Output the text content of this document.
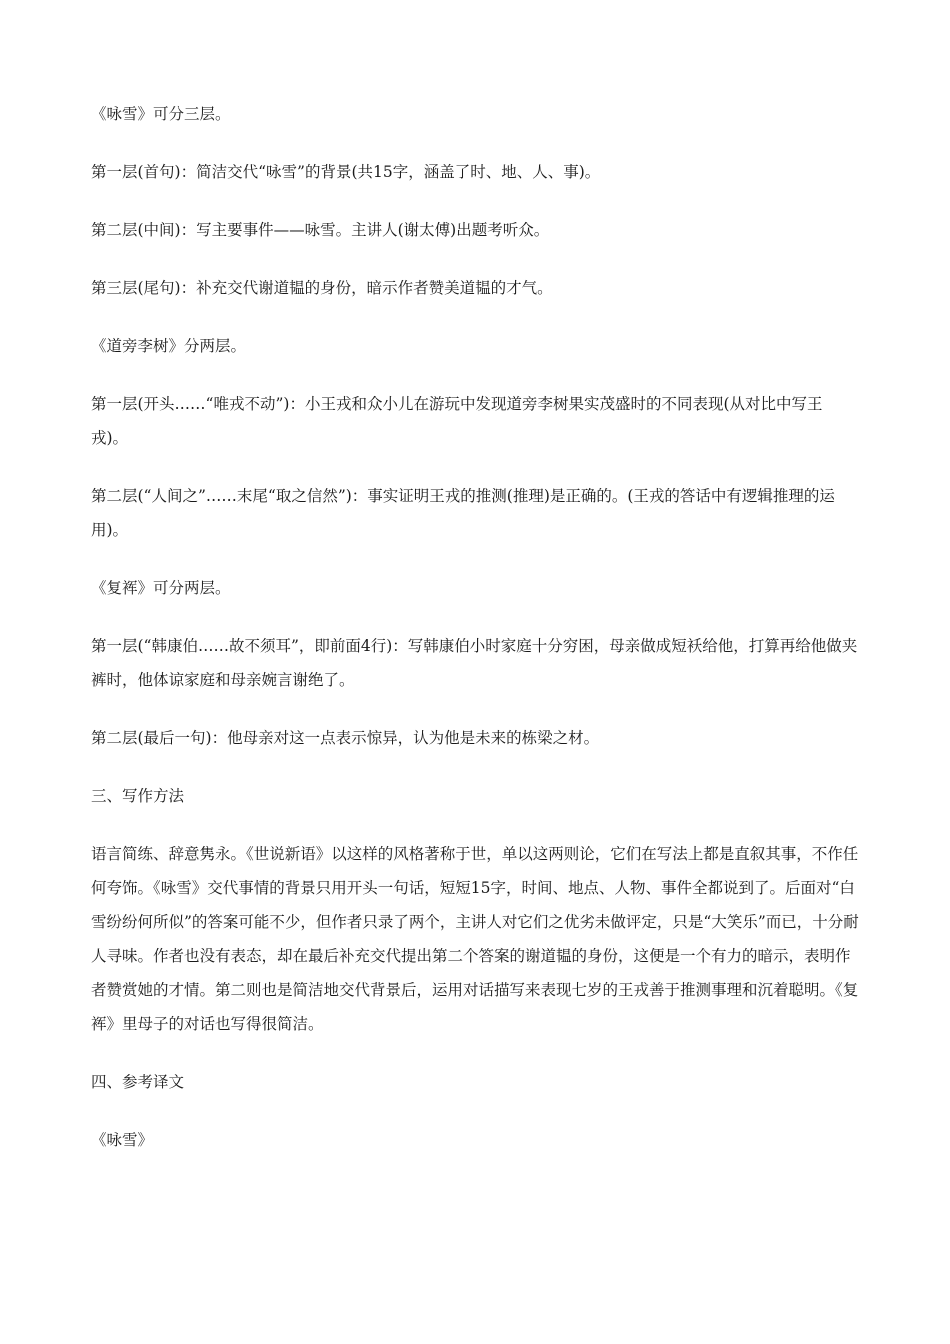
《咏雪》可分三层。

第一层(首句)：简洁交代“咏雪”的背景(共15字，涵盖了时、地、人、事)。

第二层(中间)：写主要事件——咏雪。主讲人(谢太傅)出题考听众。

第三层(尾句)：补充交代谢道韫的身份，暗示作者赞美道韫的才气。

《道旁李树》分两层。

第一层(开头……“唯戎不动”)：小王戎和众小儿在游玩中发现道旁李树果实茂盛时的不同表现(从对比中写王戎)。

第二层(“人间之”……末尾“取之信然”)：事实证明王戎的推测(推理)是正确的。(王戎的答话中有逻辑推理的运用)。

《复裈》可分两层。

第一层(“韩康伯……故不须耳”，即前面4行)：写韩康伯小时家庭十分穷困，母亲做成短袄给他，打算再给他做夹裤时，他体谅家庭和母亲婉言谢绝了。

第二层(最后一句)：他母亲对这一点表示惊异，认为他是未来的栋梁之材。

三、写作方法

语言简练、辞意隽永。《世说新语》以这样的风格著称于世，单以这两则论，它们在写法上都是直叙其事，不作任何夸饰。《咏雪》交代事情的背景只用开头一句话，短短15字，时间、地点、人物、事件全都说到了。后面对“白雪纷纷何所似”的答案可能不少，但作者只录了两个，主讲人对它们之优劣未做评定，只是“大笑乐”而已，十分耐人寻味。作者也没有表态，却在最后补充交代提出第二个答案的谢道韫的身份，这便是一个有力的暗示，表明作者赞赏她的才情。第二则也是简洁地交代背景后，运用对话描写来表现七岁的王戎善于推测事理和沉着聪明。《复裈》里母子的对话也写得很简洁。

四、参考译文

《咏雪》
